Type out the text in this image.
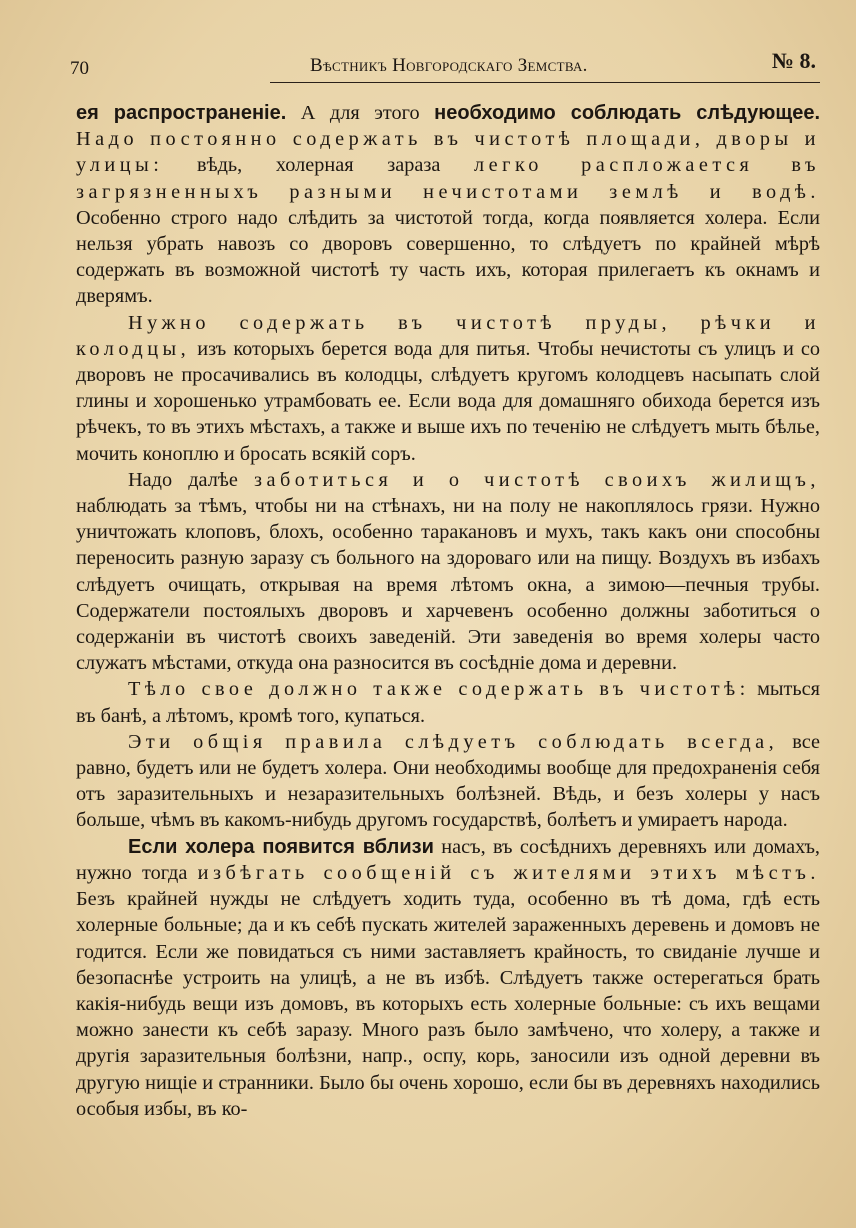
70	Вѣстникъ Новгородскаго Земства.	№ 8.

ея распространеніе. А для этого необходимо соблюдать слѣдующее. Надо постоянно содержать въ чистотѣ площади, дворы и улицы: вѣдь, холерная зараза легко распложается въ загрязненныхъ разными нечистотами землѣ и водѣ. Особенно строго надо слѣдить за чистотой тогда, когда появляется холера. Если нельзя убрать навозъ со дворовъ совершенно, то слѣдуетъ по крайней мѣрѣ содержать въ возможной чистотѣ ту часть ихъ, которая прилегаетъ къ окнамъ и дверямъ.

Нужно содержать въ чистотѣ пруды, рѣчки и колодцы, изъ которыхъ берется вода для питья. Чтобы нечистоты съ улицъ и со дворовъ не просачивались въ колодцы, слѣдуетъ кругомъ колодцевъ насыпать слой глины и хорошенько утрамбовать ее. Если вода для домашняго обихода берется изъ рѣчекъ, то въ этихъ мѣстахъ, а также и выше ихъ по теченію не слѣдуетъ мыть бѣлье, мочить коноплю и бросать всякій соръ.

Надо далѣе заботиться и о чистотѣ своихъ жилищъ, наблюдать за тѣмъ, чтобы ни на стѣнахъ, ни на полу не накоплялось грязи. Нужно уничтожать клоповъ, блохъ, особенно таракановъ и мухъ, такъ какъ они способны переносить разную заразу съ больного на здороваго или на пищу. Воздухъ въ избахъ слѣдуетъ очищать, открывая на время лѣтомъ окна, а зимою—печныя трубы. Содержатели постоялыхъ дворовъ и харчевенъ особенно должны заботиться о содержаніи въ чистотѣ своихъ заведеній. Эти заведенія во время холеры часто служатъ мѣстами, откуда она разносится въ сосѣдніе дома и деревни.

Тѣло свое должно также содержать въ чистотѣ: мыться въ банѣ, а лѣтомъ, кромѣ того, купаться.

Эти общія правила слѣдуетъ соблюдать всегда, все равно, будетъ или не будетъ холера. Они необходимы вообще для предохраненія себя отъ заразительныхъ и незаразительныхъ болѣзней. Вѣдь, и безъ холеры у насъ больше, чѣмъ въ какомъ-нибудь другомъ государствѣ, болѣетъ и умираетъ народа.

Если холера появится вблизи насъ, въ сосѣднихъ деревняхъ или домахъ, нужно тогда избѣгать сообщеній съ жителями этихъ мѣстъ. Безъ крайней нужды не слѣдуетъ ходить туда, особенно въ тѣ дома, гдѣ есть холерные больные; да и къ себѣ пускать жителей зараженныхъ деревень и домовъ не годится. Если же повидаться съ ними заставляетъ крайность, то свиданіе лучше и безопаснѣе устроить на улицѣ, а не въ избѣ. Слѣдуетъ также остерегаться брать какія-нибудь вещи изъ домовъ, въ которыхъ есть холерные больные: съ ихъ вещами можно занести къ себѣ заразу. Много разъ было замѣчено, что холеру, а также и другія заразительныя болѣзни, напр., оспу, корь, заносили изъ одной деревни въ другую нищіе и странники. Было бы очень хорошо, если бы въ деревняхъ находились особыя избы, въ ко-
